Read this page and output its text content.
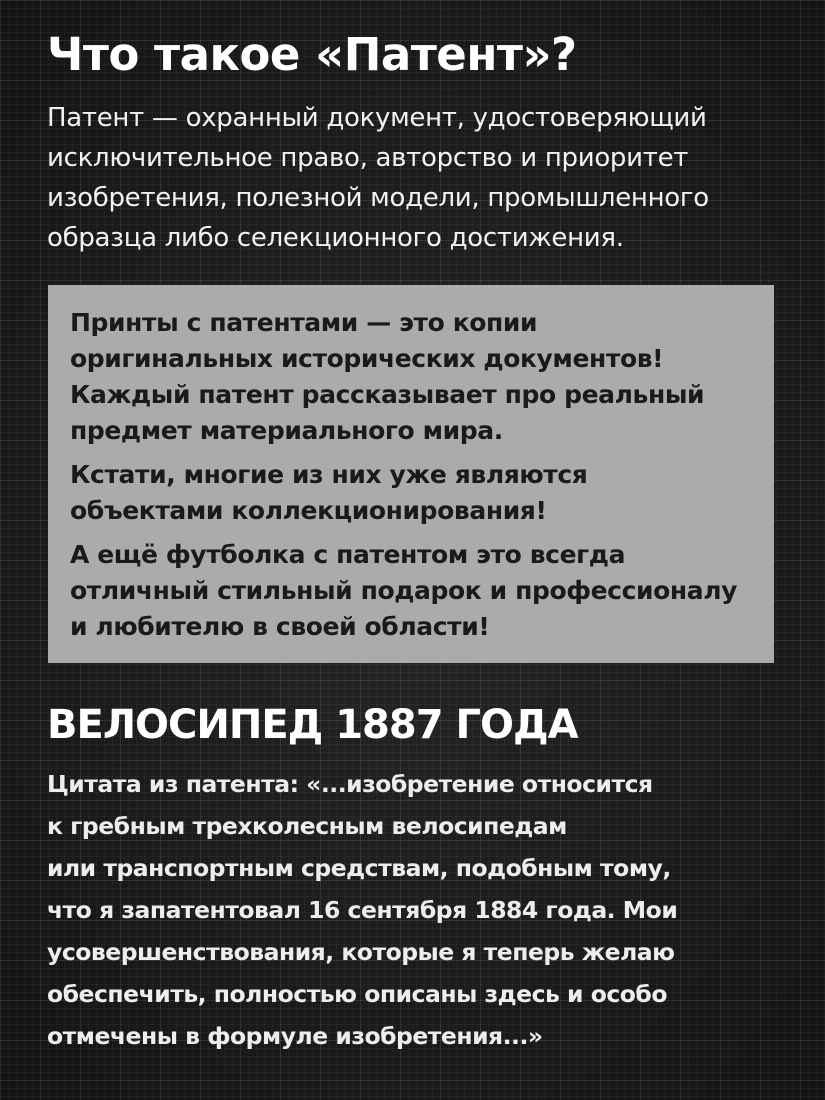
Что такое «Патент»?

Патент — охранный документ, удостоверяющий
исключительное право, авторство и приоритет
изобретения, полезной модели, промышленного
образца либо селекционного достижения.

Принты с патентами — это копии
оригинальных исторических документов!
Каждый патент рассказывает про реальный
предмет материального мира.

Кстати, многие из них уже являются
объектами коллекционирования!

А ещё футболка с патентом это всегда
отличный стильный подарок и профессионалу
и любителю в своей области!

ВЕЛОСИПЕД 1887 ГОДА

Цитата из патента: «...изобретение относится
к гребным трехколесным велосипедам
или транспортным средствам, подобным тому,
что я запатентовал 16 сентября 1884 года. Мои
усовершенствования, которые я теперь желаю
обеспечить, полностью описаны здесь и особо
отмечены в формуле изобретения...»
